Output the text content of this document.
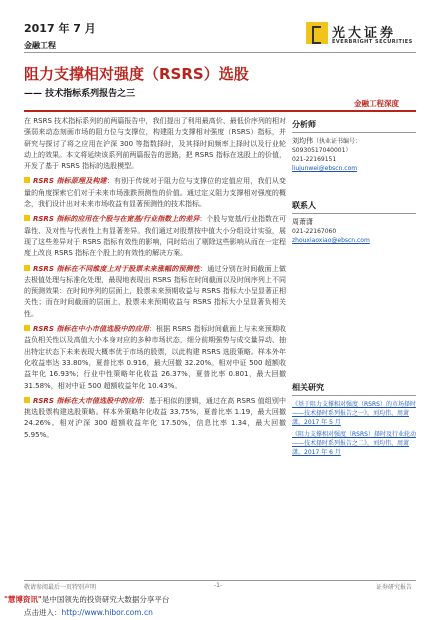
2017 年 7 月
金融工程
光大证券
EVERBRIGHT SECURITIES
阻力支撑相对强度（RSRS）选股
—— 技术指标系列报告之三
金融工程深度

在 RSRS 技术指标系列的前两篇报告中，我们提出了利用最高价、最低价序列的相对强弱来动态刻画市场的阻力位与支撑位，构建阻力支撑相对强度（RSRS）指标，并研究与探讨了将之应用在沪深 300 等指数择时，及其择时间频率上择时以及行业轮动上的效果。本文将延续该系列前两篇报告的思路，把 RSRS 指标在选股上的价值，开发了基于 RSRS 指标的选股模型。

RSRS 指标原理及构建：有别于传统对于阻力位与支撑位的定值应用，我们从变量的角度探索它们对于未来市场涨跌预测性的价值。通过定义阻力支撑相对强度的概念，我们设计出对未来市场收益有显著预测性的技术指标。
RSRS 指标的应用在个股与在宽基/行业指数上的差异：个股与宽基/行业指数在可靠性、及对性与代表性上有显著差异。我们通过对股票按中值大小分组设计实验，展现了这些差异对于 RSRS 指标有效性的影响，同时给出了剔除这些影响从而在一定程度上改良 RSRS 指标在个股上的有效性的解决方案。
RSRS 指标在不同维度上对于股票未来涨幅的预测性：通过分别在时间截面上做去极值处理与标准化处理，最现地表现出 RSRS 指标在时间截面以及时间序列上不同的预测效果：在时间序列的层面上，股票未来预期收益与 RSRS 指标大小呈显著正相关性；而在时间截面的层面上，股票未来预期收益与 RSRS 指标大小呈显著负相关性。
RSRS 指标在中小市值选股中的应用：根据 RSRS 指标时间截面上与未来预期收益负相关性以及高值大小本身对应的多种市场状态，细分前期强势与成交量异动、抽出特定状态下未来表现大概率优于市场的股票，以此构建 RSRS 选股策略。样本外年化收益率达 33.80%，夏普比率 0.916，最大回撤 32.20%。相对中证 500 超额收益年化 16.93%；行业中性策略年化收益 26.37%，夏普比率 0.801，最大回撤 31.58%，相对中证 500 超额收益年化 10.43%。
RSRS 指标在大市值选股中的应用：基于相似的逻辑，通过在高 RSRS 值组别中挑选股票构建选股策略。样本外策略年化收益 33.75%，夏普比率 1.19，最大回撤 24.26%。相对沪深 300 超额收益年化 17.50%，信息比率 1.34，最大回撤 5.95%。
分析师
刘均伟（执业证书编号：S0930517040001）
021-22169151
liujunwei@ebscn.com
联系人
周萧潇
021-22167060
zhouxiaoxiao@ebscn.com
相关研究
《基于阻力支撑相对强度（RSRS）的市场择时——技术择时系列报告之一》，刘均伟、周萧潇，2017 年 5 月
《阻力支撑相对强度（RSRS）择时及行业轮动——技术择时系列报告之二》，刘均伟、周萧潇，2017 年 6 月
敬请参阅最后一页特别声明	-1-	证券研究报告
"慧博资讯"是中国领先的投资研究大数据分享平台
点击进入：http://www.hibor.com.cn
